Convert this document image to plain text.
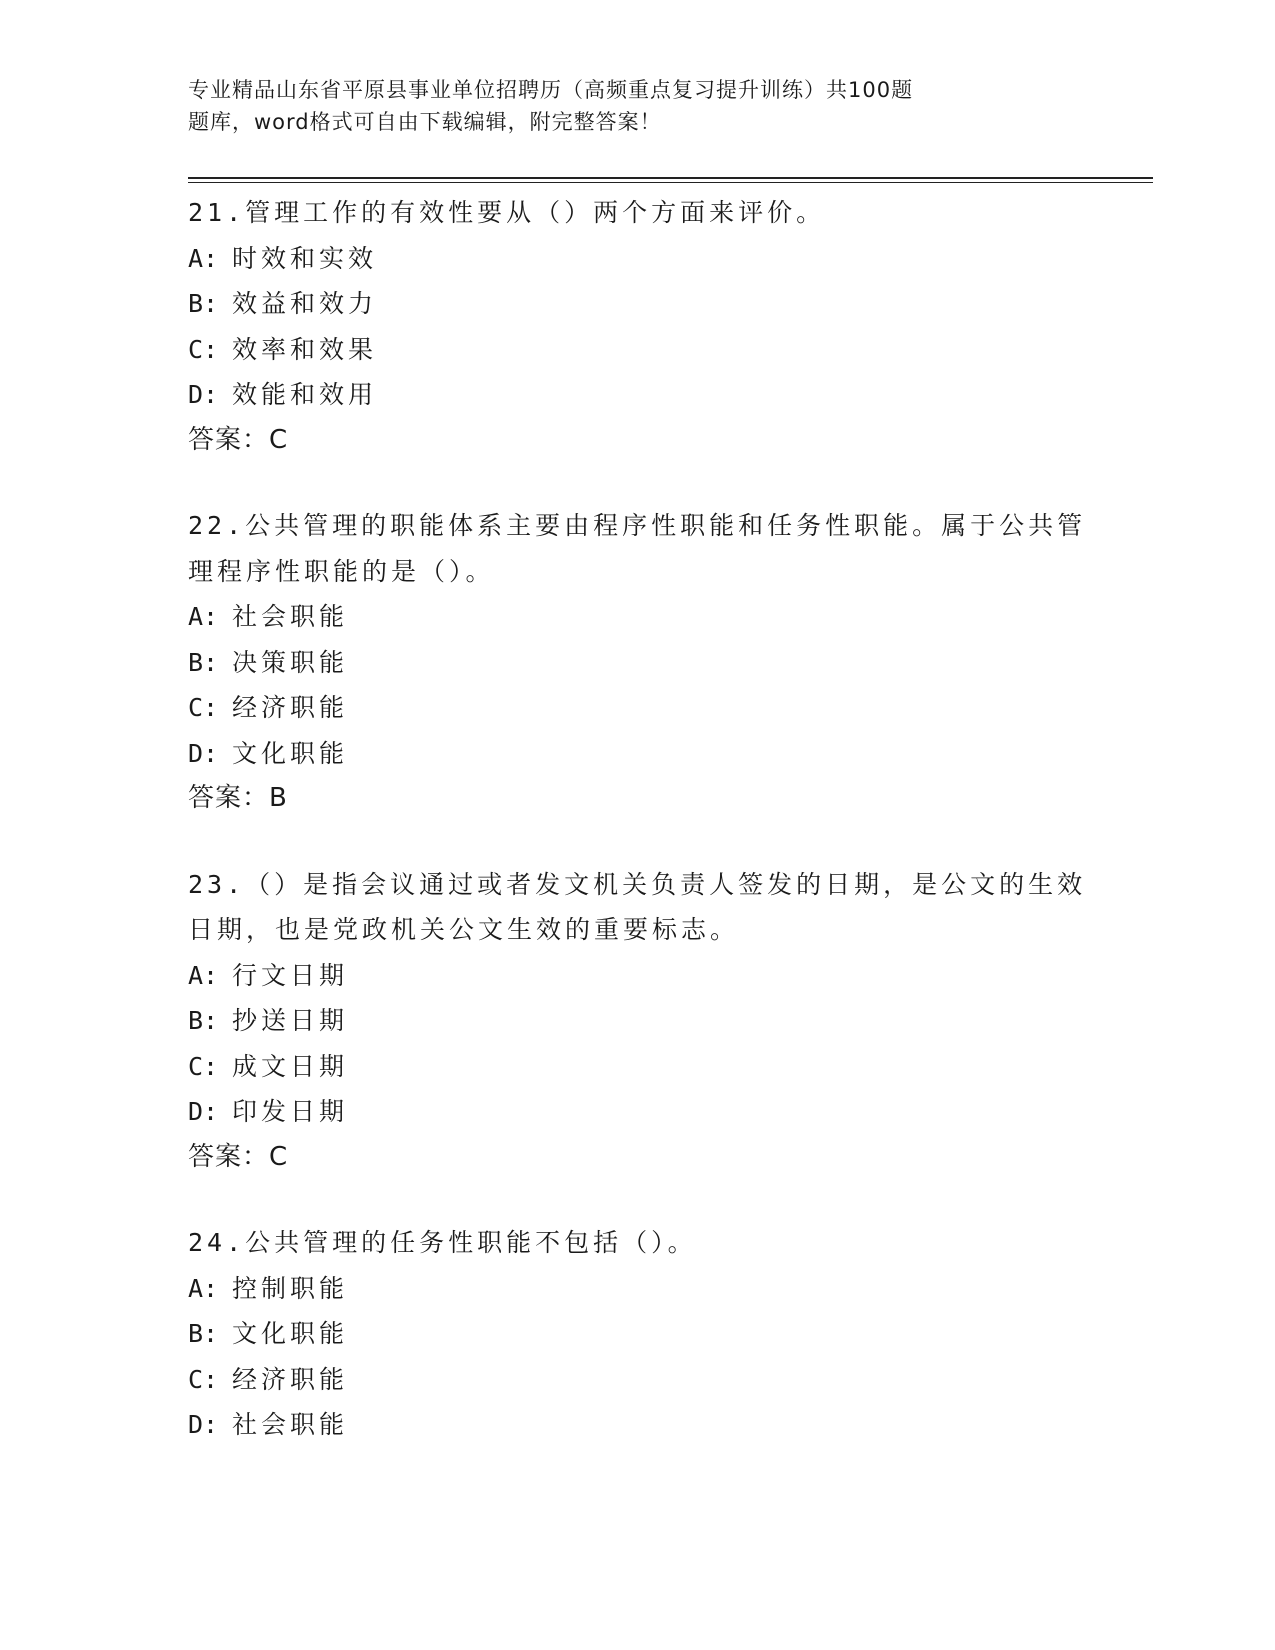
专业精品山东省平原县事业单位招聘历（高频重点复习提升训练）共100题
题库，word格式可自由下载编辑，附完整答案！
21.管理工作的有效性要从（）两个方面来评价。
A: 时效和实效
B: 效益和效力
C: 效率和效果
D: 效能和效用
答案：C
22.公共管理的职能体系主要由程序性职能和任务性职能。属于公共管
理程序性职能的是（）。
A: 社会职能
B: 决策职能
C: 经济职能
D: 文化职能
答案：B
23.（）是指会议通过或者发文机关负责人签发的日期，是公文的生效
日期，也是党政机关公文生效的重要标志。
A: 行文日期
B: 抄送日期
C: 成文日期
D: 印发日期
答案：C
24.公共管理的任务性职能不包括（）。
A: 控制职能
B: 文化职能
C: 经济职能
D: 社会职能
